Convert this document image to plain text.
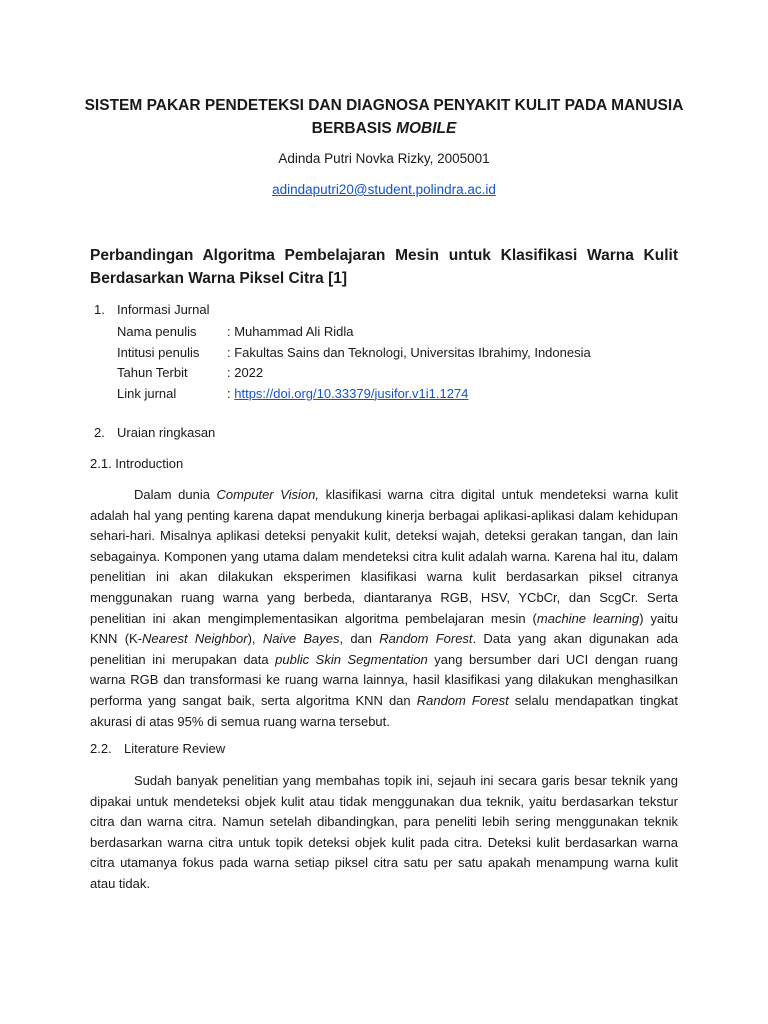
SISTEM PAKAR PENDETEKSI DAN DIAGNOSA PENYAKIT KULIT PADA MANUSIA
BERBASIS MOBILE
Adinda Putri Novka Rizky, 2005001
adindaputri20@student.polindra.ac.id
Perbandingan Algoritma Pembelajaran Mesin untuk Klasifikasi Warna Kulit Berdasarkan Warna Piksel Citra [1]
1. Informasi Jurnal
Nama penulis	: Muhammad Ali Ridla
Intitusi penulis	: Fakultas Sains dan Teknologi, Universitas Ibrahimy, Indonesia
Tahun Terbit	: 2022
Link jurnal	: https://doi.org/10.33379/jusifor.v1i1.1274
2. Uraian ringkasan
2.1. Introduction
Dalam dunia Computer Vision, klasifikasi warna citra digital untuk mendeteksi warna kulit adalah hal yang penting karena dapat mendukung kinerja berbagai aplikasi-aplikasi dalam kehidupan sehari-hari. Misalnya aplikasi deteksi penyakit kulit, deteksi wajah, deteksi gerakan tangan, dan lain sebagainya. Komponen yang utama dalam mendeteksi citra kulit adalah warna. Karena hal itu, dalam penelitian ini akan dilakukan eksperimen klasifikasi warna kulit berdasarkan piksel citranya menggunakan ruang warna yang berbeda, diantaranya RGB, HSV, YCbCr, dan ScgCr. Serta penelitian ini akan mengimplementasikan algoritma pembelajaran mesin (machine learning) yaitu KNN (K-Nearest Neighbor), Naive Bayes, dan Random Forest. Data yang akan digunakan ada penelitian ini merupakan data public Skin Segmentation yang bersumber dari UCI dengan ruang warna RGB dan transformasi ke ruang warna lainnya, hasil klasifikasi yang dilakukan menghasilkan performa yang sangat baik, serta algoritma KNN dan Random Forest selalu mendapatkan tingkat akurasi di atas 95% di semua ruang warna tersebut.
2.2. Literature Review
Sudah banyak penelitian yang membahas topik ini, sejauh ini secara garis besar teknik yang dipakai untuk mendeteksi objek kulit atau tidak menggunakan dua teknik, yaitu berdasarkan tekstur citra dan warna citra. Namun setelah dibandingkan, para peneliti lebih sering menggunakan teknik berdasarkan warna citra untuk topik deteksi objek kulit pada citra. Deteksi kulit berdasarkan warna citra utamanya fokus pada warna setiap piksel citra satu per satu apakah menampung warna kulit atau tidak.
